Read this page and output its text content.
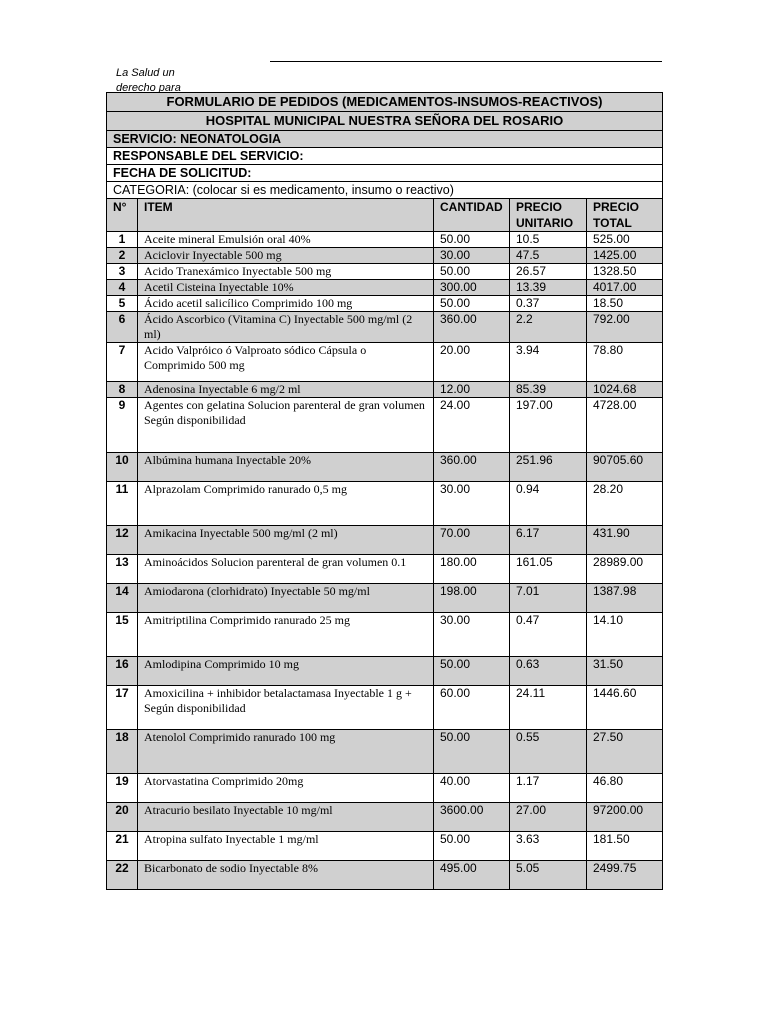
La Salud un derecho para
FORMULARIO DE PEDIDOS (MEDICAMENTOS-INSUMOS-REACTIVOS)				
HOSPITAL MUNICIPAL NUESTRA SEÑORA DEL ROSARIO				
SERVICIO: NEONATOLOGIA				
RESPONSABLE DEL SERVICIO:				
FECHA DE SOLICITUD:				
CATEGORIA: (colocar si es medicamento, insumo o reactivo)				
N°	ITEM	CANTIDAD	PRECIO UNITARIO	PRECIO TOTAL
1	Aceite mineral Emulsión oral 40%	50.00	10.5	525.00
2	Aciclovir Inyectable 500 mg	30.00	47.5	1425.00
3	Acido Tranexámico Inyectable 500 mg	50.00	26.57	1328.50
4	Acetil Cisteina Inyectable 10%	300.00	13.39	4017.00
5	Ácido acetil salicílico Comprimido 100 mg	50.00	0.37	18.50
6	Ácido Ascorbico (Vitamina C) Inyectable 500 mg/ml (2 ml)	360.00	2.2	792.00
7	Acido Valpróico ó Valproato sódico Cápsula o Comprimido 500 mg	20.00	3.94	78.80
8	Adenosina Inyectable 6 mg/2 ml	12.00	85.39	1024.68
9	Agentes con gelatina Solucion parenteral de gran volumen Según disponibilidad	24.00	197.00	4728.00
10	Albúmina humana Inyectable 20%	360.00	251.96	90705.60
11	Alprazolam Comprimido ranurado 0,5 mg	30.00	0.94	28.20
12	Amikacina Inyectable 500 mg/ml (2 ml)	70.00	6.17	431.90
13	Aminoácidos Solucion parenteral de gran volumen 0.1	180.00	161.05	28989.00
14	Amiodarona (clorhidrato) Inyectable 50 mg/ml	198.00	7.01	1387.98
15	Amitriptilina Comprimido ranurado 25 mg	30.00	0.47	14.10
16	Amlodipina Comprimido 10 mg	50.00	0.63	31.50
17	Amoxicilina + inhibidor betalactamasa Inyectable 1 g + Según disponibilidad	60.00	24.11	1446.60
18	Atenolol Comprimido ranurado 100 mg	50.00	0.55	27.50
19	Atorvastatina Comprimido 20mg	40.00	1.17	46.80
20	Atracurio besilato Inyectable 10 mg/ml	3600.00	27.00	97200.00
21	Atropina sulfato Inyectable 1 mg/ml	50.00	3.63	181.50
22	Bicarbonato de sodio Inyectable 8%	495.00	5.05	2499.75
